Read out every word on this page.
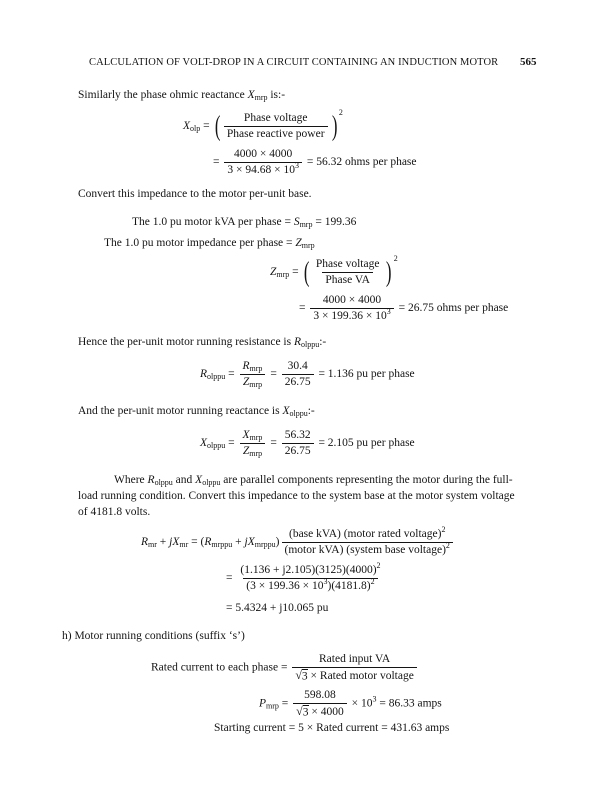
CALCULATION OF VOLT-DROP IN A CIRCUIT CONTAINING AN INDUCTION MOTOR 565
Similarly the phase ohmic reactance $X_{mrp}$ is:-
$X_{olp}$ = ( $\frac{\text{Phase voltage}}{\text{Phase reactive power}}$ ) $^2$
= $\frac{4000 \times 4000}{3 \times 94.68 \times 10^3} = 56.32$ ohms per phase
Convert this impedance to the motor per-unit base.
The 1.0 pu motor kVA per phase = $S_{mrp} = 199.36$
The 1.0 pu motor impedance per phase = $Z_{mrp}$
$Z_{mrp}$ = ( $\frac{\text{Phase voltage}}{\text{Phase VA}}$ ) $^2$
= $\frac{4000 \times 4000}{3 \times 199.36 \times 10^3} = 26.75$ ohms per phase
Hence the per-unit motor running resistance is $R_{olppu}:-$
$R_{olppu} = \frac{R_{mrp}}{Z_{mrp}} = \frac{30.4}{26.75} = 1.136$ pu per phase
And the per-unit motor running reactance is $X_{olppu}:-$
$X_{olppu} = \frac{X_{mrp}}{Z_{mrp}} = \frac{56.32}{26.75} = 2.105$ pu per phase
Where $R_{olppu}$ and $X_{olppu}$ are parallel components representing the motor during the full-
load running condition. Convert this impedance to the system base at the motor system voltage
of 4181.8 volts.
$R_{mr} + jX_{mr} = (R_{mrppu} + jX_{mrppu}) \frac{(base kVA) (motor rated voltage)^2}{(motor kVA) (system base voltage)^2}$
= $\frac{(1.136 + j2.105)(3125)(4000)^2}{(3 \times 199.36 \times 10^3)(4181.8)^2}$
= 5.4324 + j10.065 pu
h) Motor running conditions (suffix ‘s’)
Rated current to each phase = $\frac{\text{Rated input VA}}{\text{√3 × Rated motor voltage}}$
$P_{mrp} = \frac{598.08}{√3 \times 4000} \times 10^3 = 86.33$ amps
Starting current = 5 × Rated current = 431.63 amps
